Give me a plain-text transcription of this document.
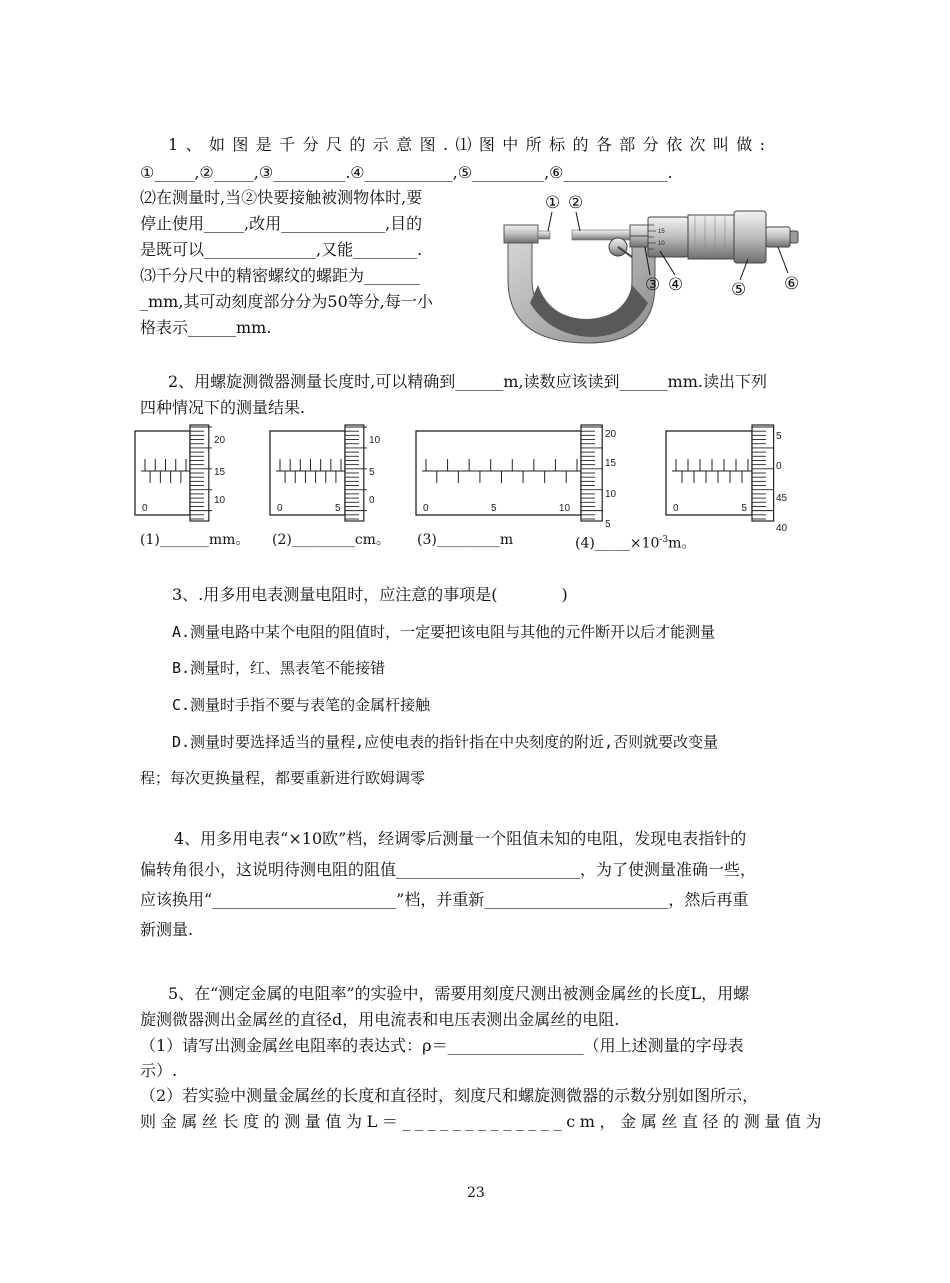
1、如图是千分尺的示意图.⑴图中所标的各部分依次叫做:
①_____,②_____,③_________.④___________,⑤_________,⑥_____________.
⑵在测量时,当②快要接触被测物体时,要
停止使用_____,改用_____________,目的
是既可以______________,又能________.
⑶千分尺中的精密螺纹的螺距为_______
_mm,其可动刻度部分分为50等分,每一小
格表示______mm.
15
10
① ②
③ ④	⑤ ⑥
2、用螺旋测微器测量长度时,可以精确到______m,读数应该读到______mm.读出下列
四种情况下的测量结果.
0
20
15
10
0	5
10
5
0
0	5	10
20
15
10
5
0	5
5
0
45
40
(1)_______mm。 (2)_________cm。 (3)_________m	$(4)\_\_\_\_\_\times 10^{-3}m$。
3、.用多用电表测量电阻时，应注意的事项是(　　　　)
A.测量电路中某个电阻的阻值时，一定要把该电阻与其他的元件断开以后才能测量
B.测量时，红、黑表笔不能接错
C.测量时手指不要与表笔的金属杆接触
D.测量时要选择适当的量程,应使电表的指针指在中央刻度的附近,否则就要改变量
程；每次更换量程，都要重新进行欧姆调零
4、用多用电表“×10欧”档，经调零后测量一个阻值未知的电阻，发现电表指针的
偏转角很小，这说明待测电阻的阻值_______________________，为了使测量准确一些，
应该换用“_______________________”档，并重新_______________________，然后再重
新测量.
5、在“测定金属的电阻率”的实验中，需要用刻度尺测出被测金属丝的长度L，用螺
旋测微器测出金属丝的直径d，用电流表和电压表测出金属丝的电阻.
（1）请写出测金属丝电阻率的表达式：ρ＝_________________（用上述测量的字母表
示）.
（2）若实验中测量金属丝的长度和直径时，刻度尺和螺旋测微器的示数分别如图所示，
则金属丝长度的测量值为L＝_____________cm，金属丝直径的测量值为
23
